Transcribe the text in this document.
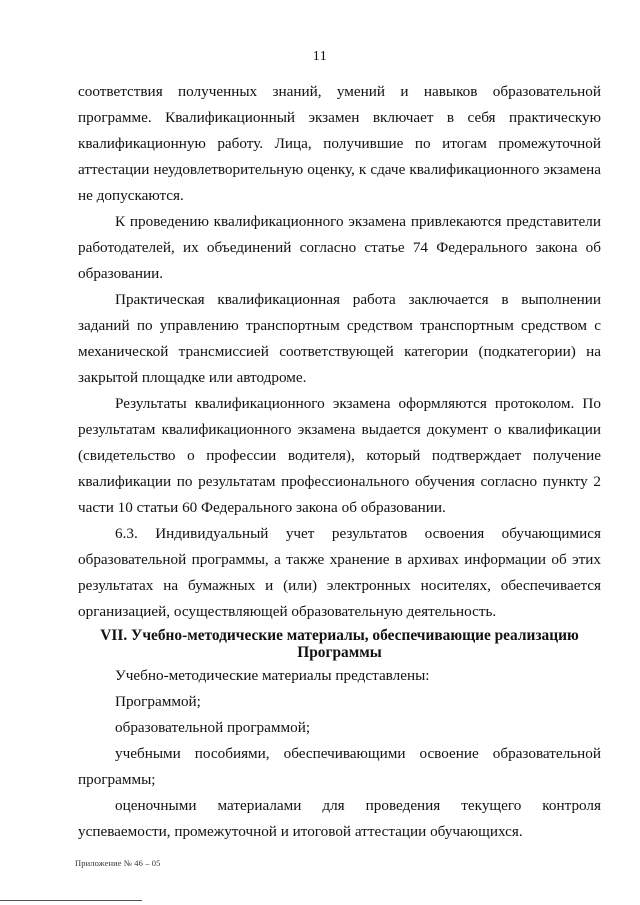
11

соответствия полученных знаний, умений и навыков образовательной программе. Квалификационный экзамен включает в себя практическую квалификационную работу. Лица, получившие по итогам промежуточной аттестации неудовлетворительную оценку, к сдаче квалификационного экзамена не допускаются.

К проведению квалификационного экзамена привлекаются представители работодателей, их объединений согласно статье 74 Федерального закона об образовании.

Практическая квалификационная работа заключается в выполнении заданий по управлению транспортным средством транспортным средством с механической трансмиссией соответствующей категории (подкатегории) на закрытой площадке или автодроме.

Результаты квалификационного экзамена оформляются протоколом. По результатам квалификационного экзамена выдается документ о квалификации (свидетельство о профессии водителя), который подтверждает получение квалификации по результатам профессионального обучения согласно пункту 2 части 10 статьи 60 Федерального закона об образовании.

6.3. Индивидуальный учет результатов освоения обучающимися образовательной программы, а также хранение в архивах информации об этих результатах на бумажных и (или) электронных носителях, обеспечивается организацией, осуществляющей образовательную деятельность.

VII. Учебно-методические материалы, обеспечивающие реализацию
Программы

Учебно-методические материалы представлены:

Программой;

образовательной программой;

учебными пособиями, обеспечивающими освоение образовательной программы;

оценочными материалами для проведения текущего контроля успеваемости, промежуточной и итоговой аттестации обучающихся.

Приложение № 46 – 05
